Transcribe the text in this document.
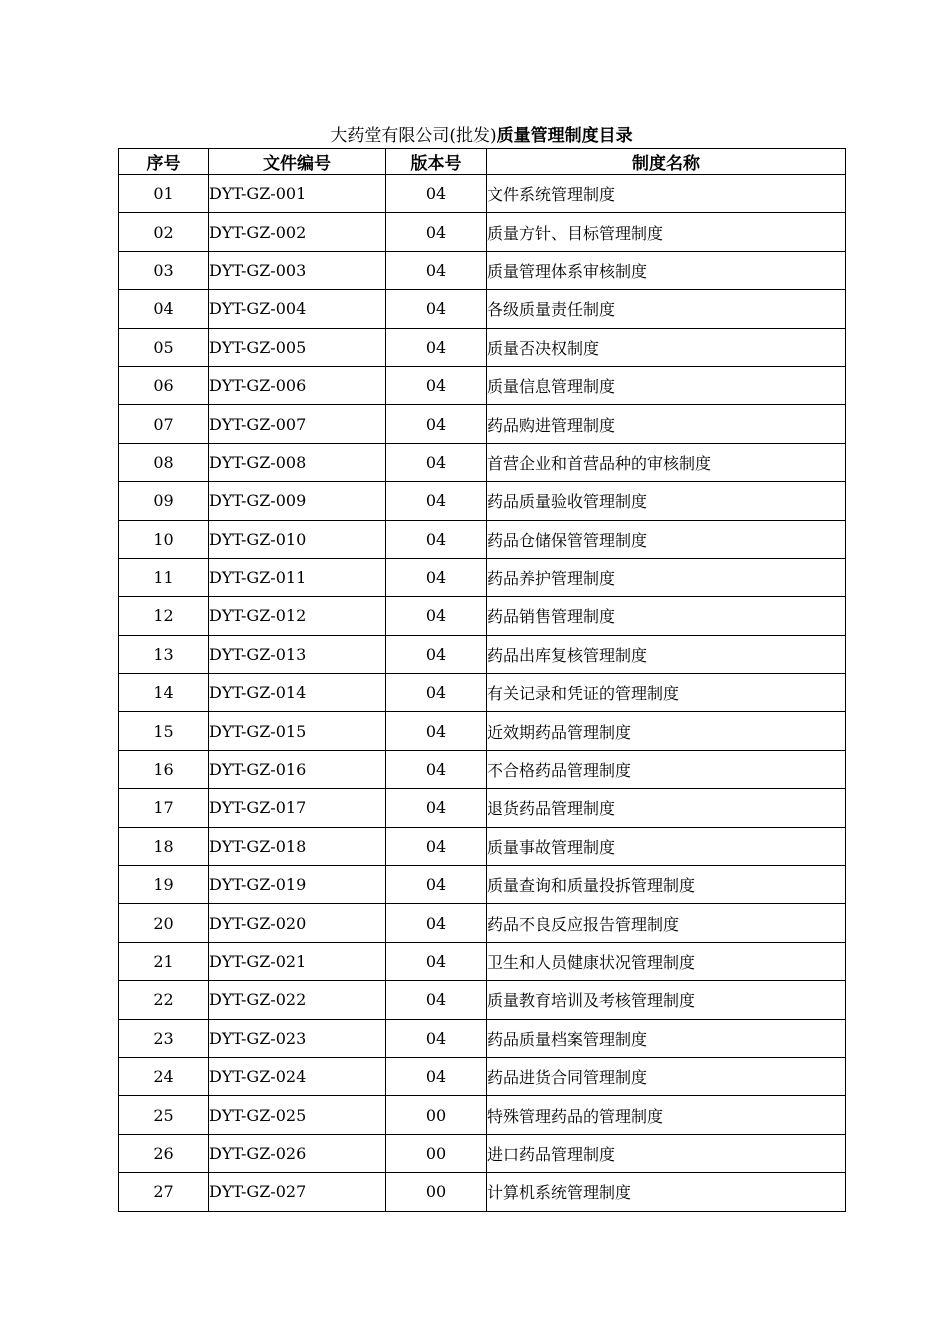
大药堂有限公司(批发)质量管理制度目录
序号	文件编号	版本号	制度名称
01	DYT-GZ-001	04	文件系统管理制度
02	DYT-GZ-002	04	质量方针、目标管理制度
03	DYT-GZ-003	04	质量管理体系审核制度
04	DYT-GZ-004	04	各级质量责任制度
05	DYT-GZ-005	04	质量否决权制度
06	DYT-GZ-006	04	质量信息管理制度
07	DYT-GZ-007	04	药品购进管理制度
08	DYT-GZ-008	04	首营企业和首营品种的审核制度
09	DYT-GZ-009	04	药品质量验收管理制度
10	DYT-GZ-010	04	药品仓储保管管理制度
11	DYT-GZ-011	04	药品养护管理制度
12	DYT-GZ-012	04	药品销售管理制度
13	DYT-GZ-013	04	药品出库复核管理制度
14	DYT-GZ-014	04	有关记录和凭证的管理制度
15	DYT-GZ-015	04	近效期药品管理制度
16	DYT-GZ-016	04	不合格药品管理制度
17	DYT-GZ-017	04	退货药品管理制度
18	DYT-GZ-018	04	质量事故管理制度
19	DYT-GZ-019	04	质量查询和质量投拆管理制度
20	DYT-GZ-020	04	药品不良反应报告管理制度
21	DYT-GZ-021	04	卫生和人员健康状况管理制度
22	DYT-GZ-022	04	质量教育培训及考核管理制度
23	DYT-GZ-023	04	药品质量档案管理制度
24	DYT-GZ-024	04	药品进货合同管理制度
25	DYT-GZ-025	00	特殊管理药品的管理制度
26	DYT-GZ-026	00	进口药品管理制度
27	DYT-GZ-027	00	计算机系统管理制度
